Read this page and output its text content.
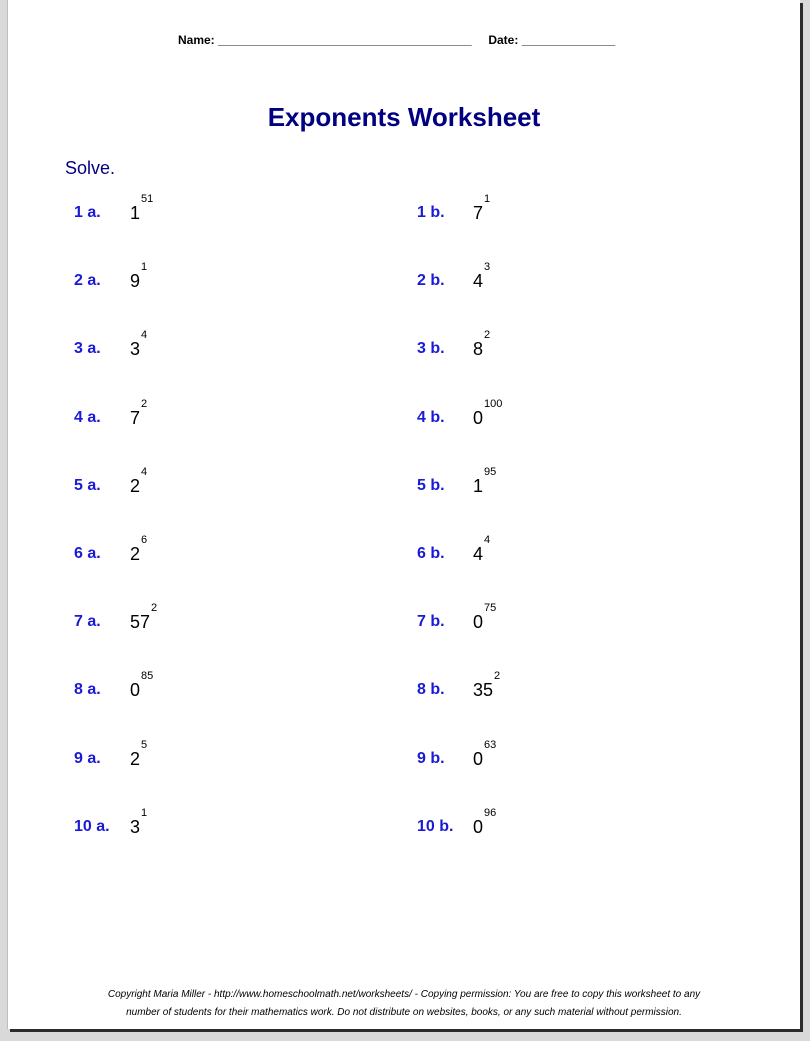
Name: ______________________________________ Date: ______________
Exponents Worksheet
Solve.
1 a. 151
1 b. 71
2 a. 91
2 b. 43
3 a. 34
3 b. 82
4 a. 72
4 b. 0100
5 a. 24
5 b. 195
6 a. 26
6 b. 44
7 a. 572
7 b. 075
8 a. 085
8 b. 352
9 a. 25
9 b. 063
10 a. 31
10 b. 096
Copyright Maria Miller - http://www.homeschoolmath.net/worksheets/ - Copying permission: You are free to copy this worksheet to any
number of students for their mathematics work. Do not distribute on websites, books, or any such material without permission.
